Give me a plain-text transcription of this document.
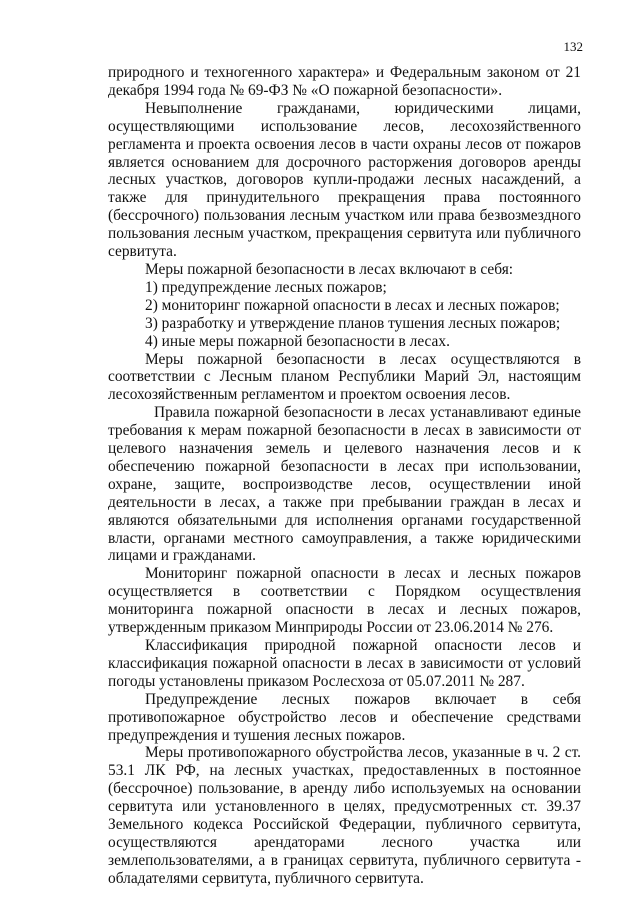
132

природного и техногенного характера» и Федеральным законом от 21 декабря 1994 года № 69-ФЗ № «О пожарной безопасности».

Невыполнение гражданами, юридическими лицами, осуществляющими использование лесов, лесохозяйственного регламента и проекта освоения лесов в части охраны лесов от пожаров является основанием для досрочного расторжения договоров аренды лесных участков, договоров купли-продажи лесных насаждений, а также для принудительного прекращения права постоянного (бессрочного) пользования лесным участком или права безвозмездного пользования лесным участком, прекращения сервитута или публичного сервитута.

Меры пожарной безопасности в лесах включают в себя:

1) предупреждение лесных пожаров;

2) мониторинг пожарной опасности в лесах и лесных пожаров;

3) разработку и утверждение планов тушения лесных пожаров;

4) иные меры пожарной безопасности в лесах.

Меры пожарной безопасности в лесах осуществляются в соответствии с Лесным планом Республики Марий Эл, настоящим лесохозяйственным регламентом и проектом освоения лесов.

Правила пожарной безопасности в лесах устанавливают единые требования к мерам пожарной безопасности в лесах в зависимости от целевого назначения земель и целевого назначения лесов и к обеспечению пожарной безопасности в лесах при использовании, охране, защите, воспроизводстве лесов, осуществлении иной деятельности в лесах, а также при пребывании граждан в лесах и являются обязательными для исполнения органами государственной власти, органами местного самоуправления, а также юридическими лицами и гражданами.

Мониторинг пожарной опасности в лесах и лесных пожаров осуществляется в соответствии с Порядком осуществления мониторинга пожарной опасности в лесах и лесных пожаров, утвержденным приказом Минприроды России от 23.06.2014 № 276.

Классификация природной пожарной опасности лесов и классификация пожарной опасности в лесах в зависимости от условий погоды установлены приказом Рослесхоза от 05.07.2011 № 287.

Предупреждение лесных пожаров включает в себя противопожарное обустройство лесов и обеспечение средствами предупреждения и тушения лесных пожаров.

Меры противопожарного обустройства лесов, указанные в ч. 2 ст. 53.1 ЛК РФ, на лесных участках, предоставленных в постоянное (бессрочное) пользование, в аренду либо используемых на основании сервитута или установленного в целях, предусмотренных ст. 39.37 Земельного кодекса Российской Федерации, публичного сервитута, осуществляются арендаторами лесного участка или землепользователями, а в границах сервитута, публичного сервитута - обладателями сервитута, публичного сервитута.
